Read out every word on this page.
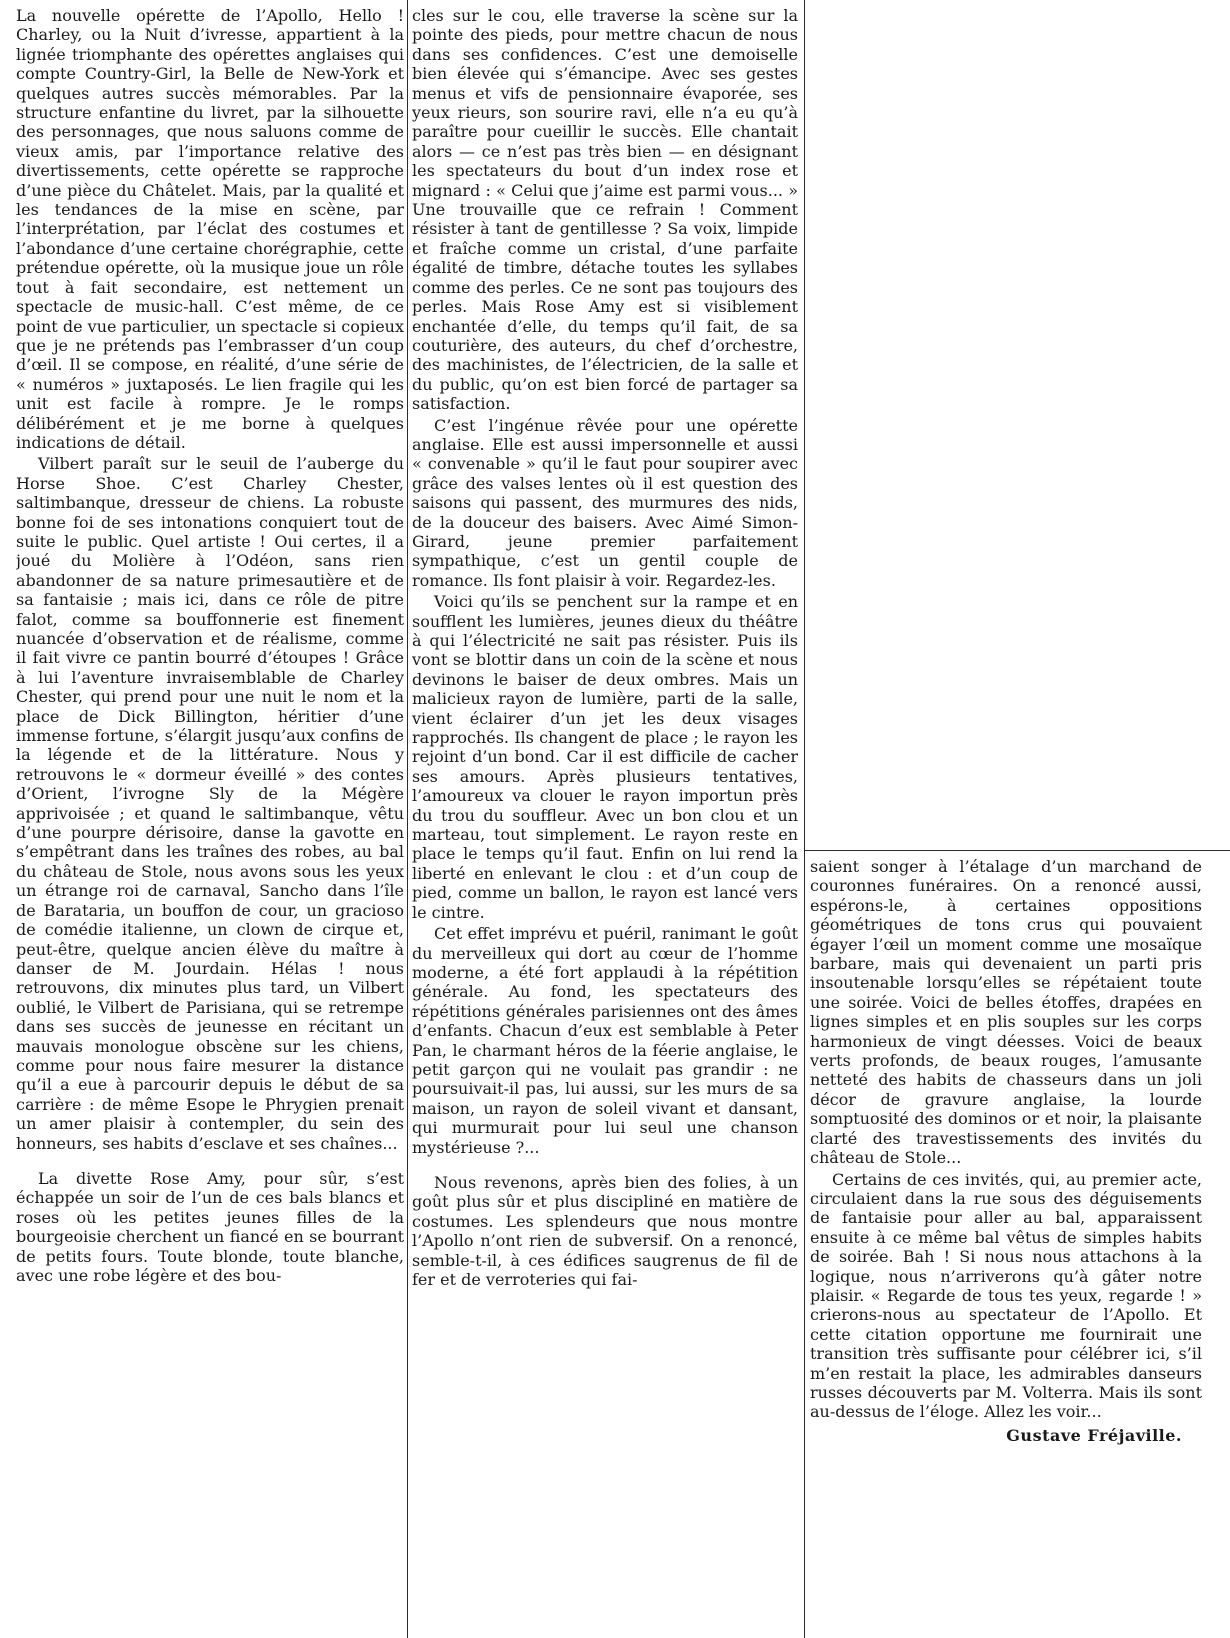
La nouvelle opérette de l’Apollo, Hello ! Charley, ou la Nuit d’ivresse, appartient à la lignée triomphante des opérettes anglaises qui compte Country-Girl, la Belle de New-York et quelques autres succès mémorables. Par la structure enfantine du livret, par la silhouette des personnages, que nous saluons comme de vieux amis, par l’importance relative des divertissements, cette opérette se rapproche d’une pièce du Châtelet. Mais, par la qualité et les tendances de la mise en scène, par l’interprétation, par l’éclat des costumes et l’abondance d’une certaine chorégraphie, cette prétendue opérette, où la musique joue un rôle tout à fait secondaire, est nettement un spectacle de music-hall. C’est même, de ce point de vue particulier, un spectacle si copieux que je ne prétends pas l’embrasser d’un coup d’œil. Il se compose, en réalité, d’une série de « numéros » juxtaposés. Le lien fragile qui les unit est facile à rompre. Je le romps délibérément et je me borne à quelques indications de détail.

Vilbert paraît sur le seuil de l’auberge du Horse Shoe. C’est Charley Chester, saltimbanque, dresseur de chiens. La robuste bonne foi de ses intonations conquiert tout de suite le public. Quel artiste ! Oui certes, il a joué du Molière à l’Odéon, sans rien abandonner de sa nature primesautière et de sa fantaisie ; mais ici, dans ce rôle de pitre falot, comme sa bouffonnerie est finement nuancée d’observation et de réalisme, comme il fait vivre ce pantin bourré d’étoupes ! Grâce à lui l’aventure invraisemblable de Charley Chester, qui prend pour une nuit le nom et la place de Dick Billington, héritier d’une immense fortune, s’élargit jusqu’aux confins de la légende et de la littérature. Nous y retrouvons le « dormeur éveillé » des contes d’Orient, l’ivrogne Sly de la Mégère apprivoisée ; et quand le saltimbanque, vêtu d’une pourpre dérisoire, danse la gavotte en s’empêtrant dans les traînes des robes, au bal du château de Stole, nous avons sous les yeux un étrange roi de carnaval, Sancho dans l’île de Barataria, un bouffon de cour, un gracioso de comédie italienne, un clown de cirque et, peut-être, quelque ancien élève du maître à danser de M. Jourdain. Hélas ! nous retrouvons, dix minutes plus tard, un Vilbert oublié, le Vilbert de Parisiana, qui se retrempe dans ses succès de jeunesse en récitant un mauvais monologue obscène sur les chiens, comme pour nous faire mesurer la distance qu’il a eue à parcourir depuis le début de sa carrière : de même Esope le Phrygien prenait un amer plaisir à contempler, du sein des honneurs, ses habits d’esclave et ses chaînes...

La divette Rose Amy, pour sûr, s’est échappée un soir de l’un de ces bals blancs et roses où les petites jeunes filles de la bourgeoisie cherchent un fiancé en se bourrant de petits fours. Toute blonde, toute blanche, avec une robe légère et des bou-

cles sur le cou, elle traverse la scène sur la pointe des pieds, pour mettre chacun de nous dans ses confidences. C’est une demoiselle bien élevée qui s’émancipe. Avec ses gestes menus et vifs de pensionnaire évaporée, ses yeux rieurs, son sourire ravi, elle n’a eu qu’à paraître pour cueillir le succès. Elle chantait alors — ce n’est pas très bien — en désignant les spectateurs du bout d’un index rose et mignard : « Celui que j’aime est parmi vous... » Une trouvaille que ce refrain ! Comment résister à tant de gentillesse ? Sa voix, limpide et fraîche comme un cristal, d’une parfaite égalité de timbre, détache toutes les syllabes comme des perles. Ce ne sont pas toujours des perles. Mais Rose Amy est si visiblement enchantée d’elle, du temps qu’il fait, de sa couturière, des auteurs, du chef d’orchestre, des machinistes, de l’électricien, de la salle et du public, qu’on est bien forcé de partager sa satisfaction.

C’est l’ingénue rêvée pour une opérette anglaise. Elle est aussi impersonnelle et aussi « convenable » qu’il le faut pour soupirer avec grâce des valses lentes où il est question des saisons qui passent, des murmures des nids, de la douceur des baisers. Avec Aimé Simon-Girard, jeune premier parfaitement sympathique, c’est un gentil couple de romance. Ils font plaisir à voir. Regardez-les.

Voici qu’ils se penchent sur la rampe et en soufflent les lumières, jeunes dieux du théâtre à qui l’électricité ne sait pas résister. Puis ils vont se blottir dans un coin de la scène et nous devinons le baiser de deux ombres. Mais un malicieux rayon de lumière, parti de la salle, vient éclairer d’un jet les deux visages rapprochés. Ils changent de place ; le rayon les rejoint d’un bond. Car il est difficile de cacher ses amours. Après plusieurs tentatives, l’amoureux va clouer le rayon importun près du trou du souffleur. Avec un bon clou et un marteau, tout simplement. Le rayon reste en place le temps qu’il faut. Enfin on lui rend la liberté en enlevant le clou : et d’un coup de pied, comme un ballon, le rayon est lancé vers le cintre.

Cet effet imprévu et puéril, ranimant le goût du merveilleux qui dort au cœur de l’homme moderne, a été fort applaudi à la répétition générale. Au fond, les spectateurs des répétitions générales parisiennes ont des âmes d’enfants. Chacun d’eux est semblable à Peter Pan, le charmant héros de la féerie anglaise, le petit garçon qui ne voulait pas grandir : ne poursuivait-il pas, lui aussi, sur les murs de sa maison, un rayon de soleil vivant et dansant, qui murmurait pour lui seul une chanson mystérieuse ?...

Nous revenons, après bien des folies, à un goût plus sûr et plus discipliné en matière de costumes. Les splendeurs que nous montre l’Apollo n’ont rien de subversif. On a renoncé, semble-t-il, à ces édifices saugrenus de fil de fer et de verroteries qui fai-

saient songer à l’étalage d’un marchand de couronnes funéraires. On a renoncé aussi, espérons-le, à certaines oppositions géométriques de tons crus qui pouvaient égayer l’œil un moment comme une mosaïque barbare, mais qui devenaient un parti pris insoutenable lorsqu’elles se répétaient toute une soirée. Voici de belles étoffes, drapées en lignes simples et en plis souples sur les corps harmonieux de vingt déesses. Voici de beaux verts profonds, de beaux rouges, l’amusante netteté des habits de chasseurs dans un joli décor de gravure anglaise, la lourde somptuosité des dominos or et noir, la plaisante clarté des travestissements des invités du château de Stole...

Certains de ces invités, qui, au premier acte, circulaient dans la rue sous des déguisements de fantaisie pour aller au bal, apparaissent ensuite à ce même bal vêtus de simples habits de soirée. Bah ! Si nous nous attachons à la logique, nous n’arriverons qu’à gâter notre plaisir. « Regarde de tous tes yeux, regarde ! » crierons-nous au spectateur de l’Apollo. Et cette citation opportune me fournirait une transition très suffisante pour célébrer ici, s’il m’en restait la place, les admirables danseurs russes découverts par M. Volterra. Mais ils sont au-dessus de l’éloge. Allez les voir...

Gustave Fréjaville.
